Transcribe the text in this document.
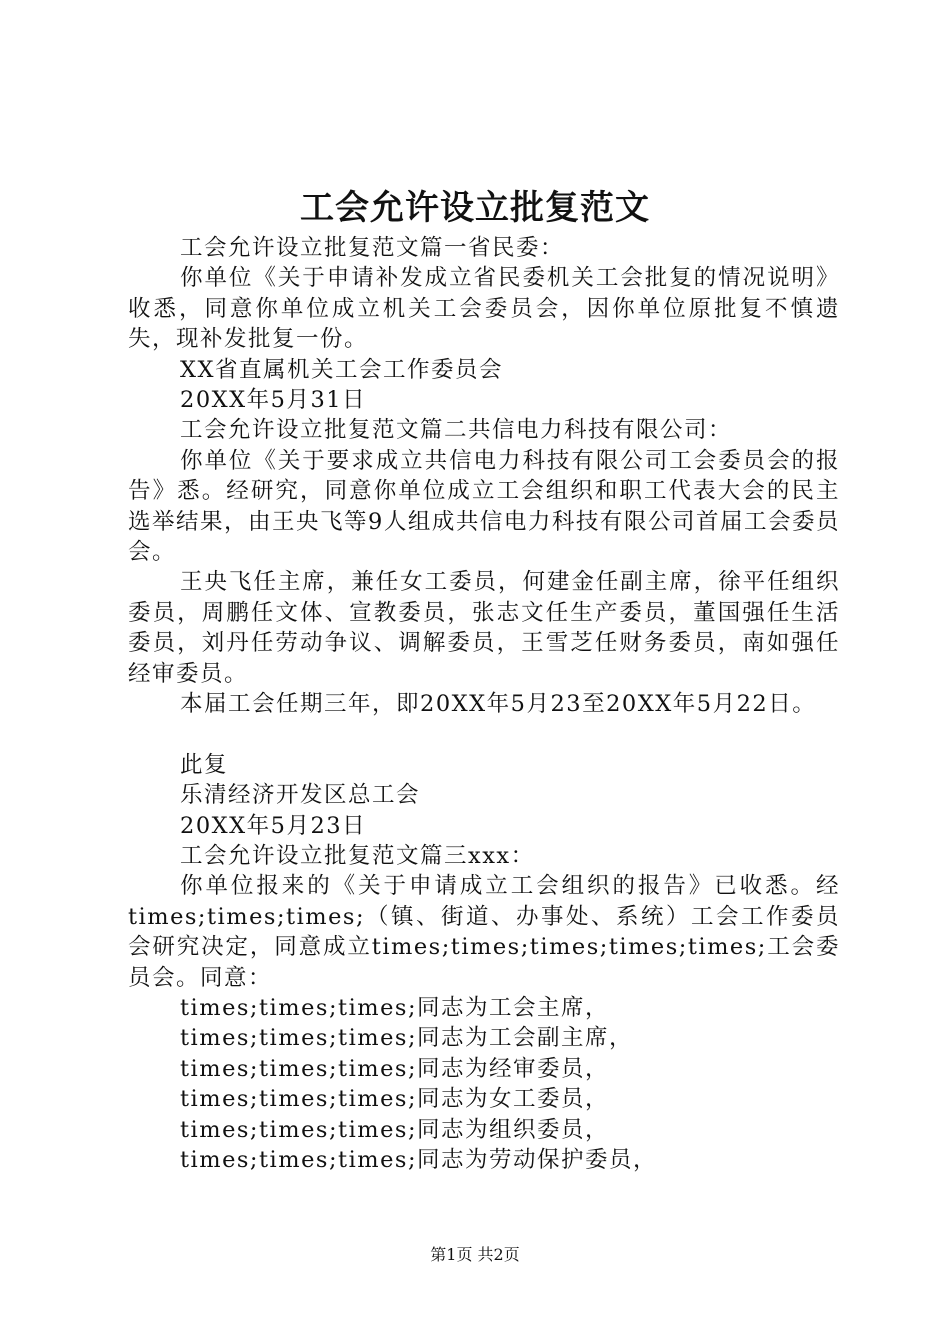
工会允许设立批复范文
工会允许设立批复范文篇一省民委：
你单位《关于申请补发成立省民委机关工会批复的情况说明》收悉，同意你单位成立机关工会委员会，因你单位原批复不慎遗失，现补发批复一份。
XX省直属机关工会工作委员会
20XX年5月31日
工会允许设立批复范文篇二共信电力科技有限公司：
你单位《关于要求成立共信电力科技有限公司工会委员会的报告》悉。经研究，同意你单位成立工会组织和职工代表大会的民主选举结果，由王央飞等9人组成共信电力科技有限公司首届工会委员会。
王央飞任主席，兼任女工委员，何建金任副主席，徐平任组织委员，周鹏任文体、宣教委员，张志文任生产委员，董国强任生活委员，刘丹任劳动争议、调解委员，王雪芝任财务委员，南如强任经审委员。
本届工会任期三年，即20XX年5月23至20XX年5月22日。
此复
乐清经济开发区总工会
20XX年5月23日
工会允许设立批复范文篇三xxx：
你单位报来的《关于申请成立工会组织的报告》已收悉。经times;times;times;（镇、街道、办事处、系统）工会工作委员会研究决定，同意成立times;times;times;times;times;工会委员会。同意：
times;times;times;同志为工会主席，
times;times;times;同志为工会副主席，
times;times;times;同志为经审委员，
times;times;times;同志为女工委员，
times;times;times;同志为组织委员，
times;times;times;同志为劳动保护委员，
第1页 共2页
